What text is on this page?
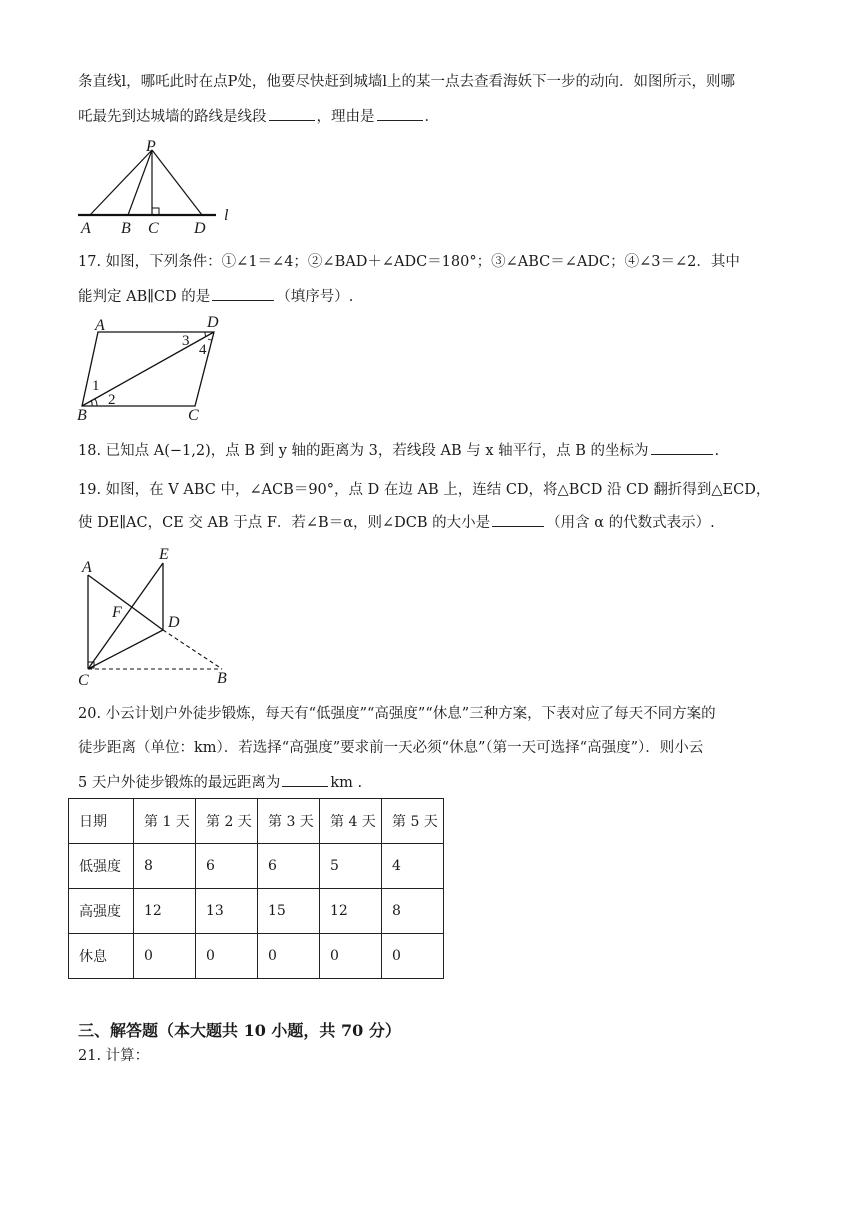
条直线l，哪吒此时在点P处，他要尽快赶到城墙l上的某一点去查看海妖下一步的动向．如图所示，则哪
吒最先到达城墙的路线是线段	，理由是	．
P
A B C D
l
17. 如图，下列条件：①∠1＝∠4；②∠BAD＋∠ADC＝180°；③∠ABC＝∠ADC；④∠3＝∠2．其中
能判定 AB∥CD 的是	（填序号）.
A	D
B	C
1
2
3
4
18. 已知点 A(−1,2)，点 B 到 y 轴的距离为 3，若线段 AB 与 x 轴平行，点 B 的坐标为	.
19. 如图，在 V ABC 中，∠ACB＝90°，点 D 在边 AB 上，连结 CD，将△BCD 沿 CD 翻折得到△ECD，
使 DE∥AC，CE 交 AB 于点 F．若∠B＝α，则∠DCB 的大小是	（用含 α 的代数式表示）.
A
E
F
D
C	B
20. 小云计划户外徒步锻炼，每天有“低强度”“高强度”“休息”三种方案，下表对应了每天不同方案的
徒步距离（单位：km）．若选择“高强度”要求前一天必须“休息”（第一天可选择“高强度”）．则小云
5 天户外徒步锻炼的最远距离为	km .
日期	第 1 天	第 2 天	第 3 天	第 4 天	第 5 天
低强度	8	6	6	5	4
高强度	12	13	15	12	8
休息	0	0	0	0	0
三、解答题（本大题共 10 小题，共 70 分）
21. 计算：
